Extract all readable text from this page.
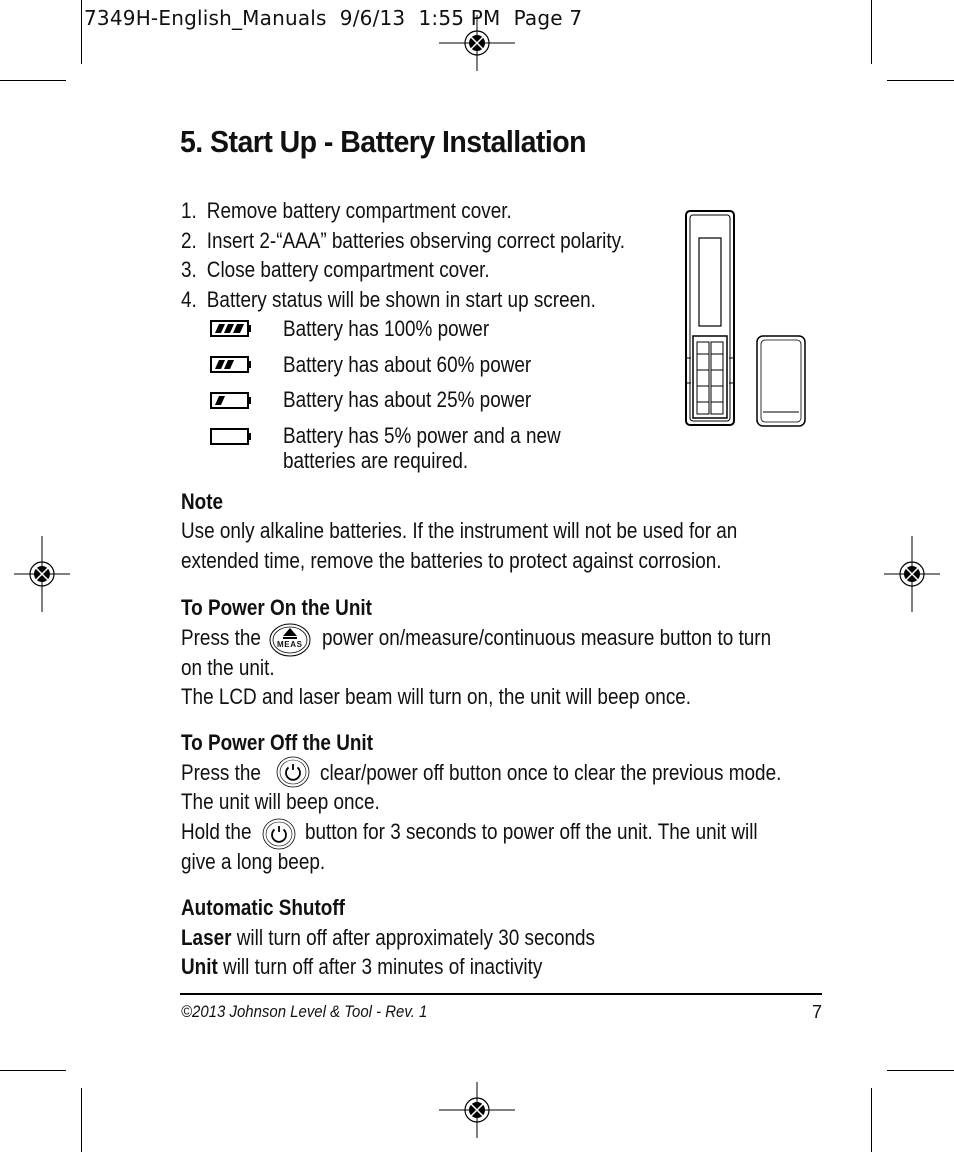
7349H-English_Manuals  9/6/13  1:55 PM  Page 7
5. Start Up - Battery Installation
1. Remove battery compartment cover.
2. Insert 2-“AAA” batteries observing correct polarity.
3. Close battery compartment cover.
4. Battery status will be shown in start up screen.
Battery has 100% power
Battery has about 60% power
Battery has about 25% power
Battery has 5% power and a new
batteries are required.
Note
Use only alkaline batteries. If the instrument will not be used for an
extended time, remove the batteries to protect against corrosion.
To Power On the Unit
Press the MEAS power on/measure/continuous measure button to turn
on the unit.
The LCD and laser beam will turn on, the unit will beep once.
To Power Off the Unit
Press the	clear/power off button once to clear the previous mode.
The unit will beep once.
Hold the button for 3 seconds to power off the unit. The unit will
give a long beep.
Automatic Shutoff
Laser will turn off after approximately 30 seconds
Unit will turn off after 3 minutes of inactivity
©2013 Johnson Level & Tool - Rev. 1	7
